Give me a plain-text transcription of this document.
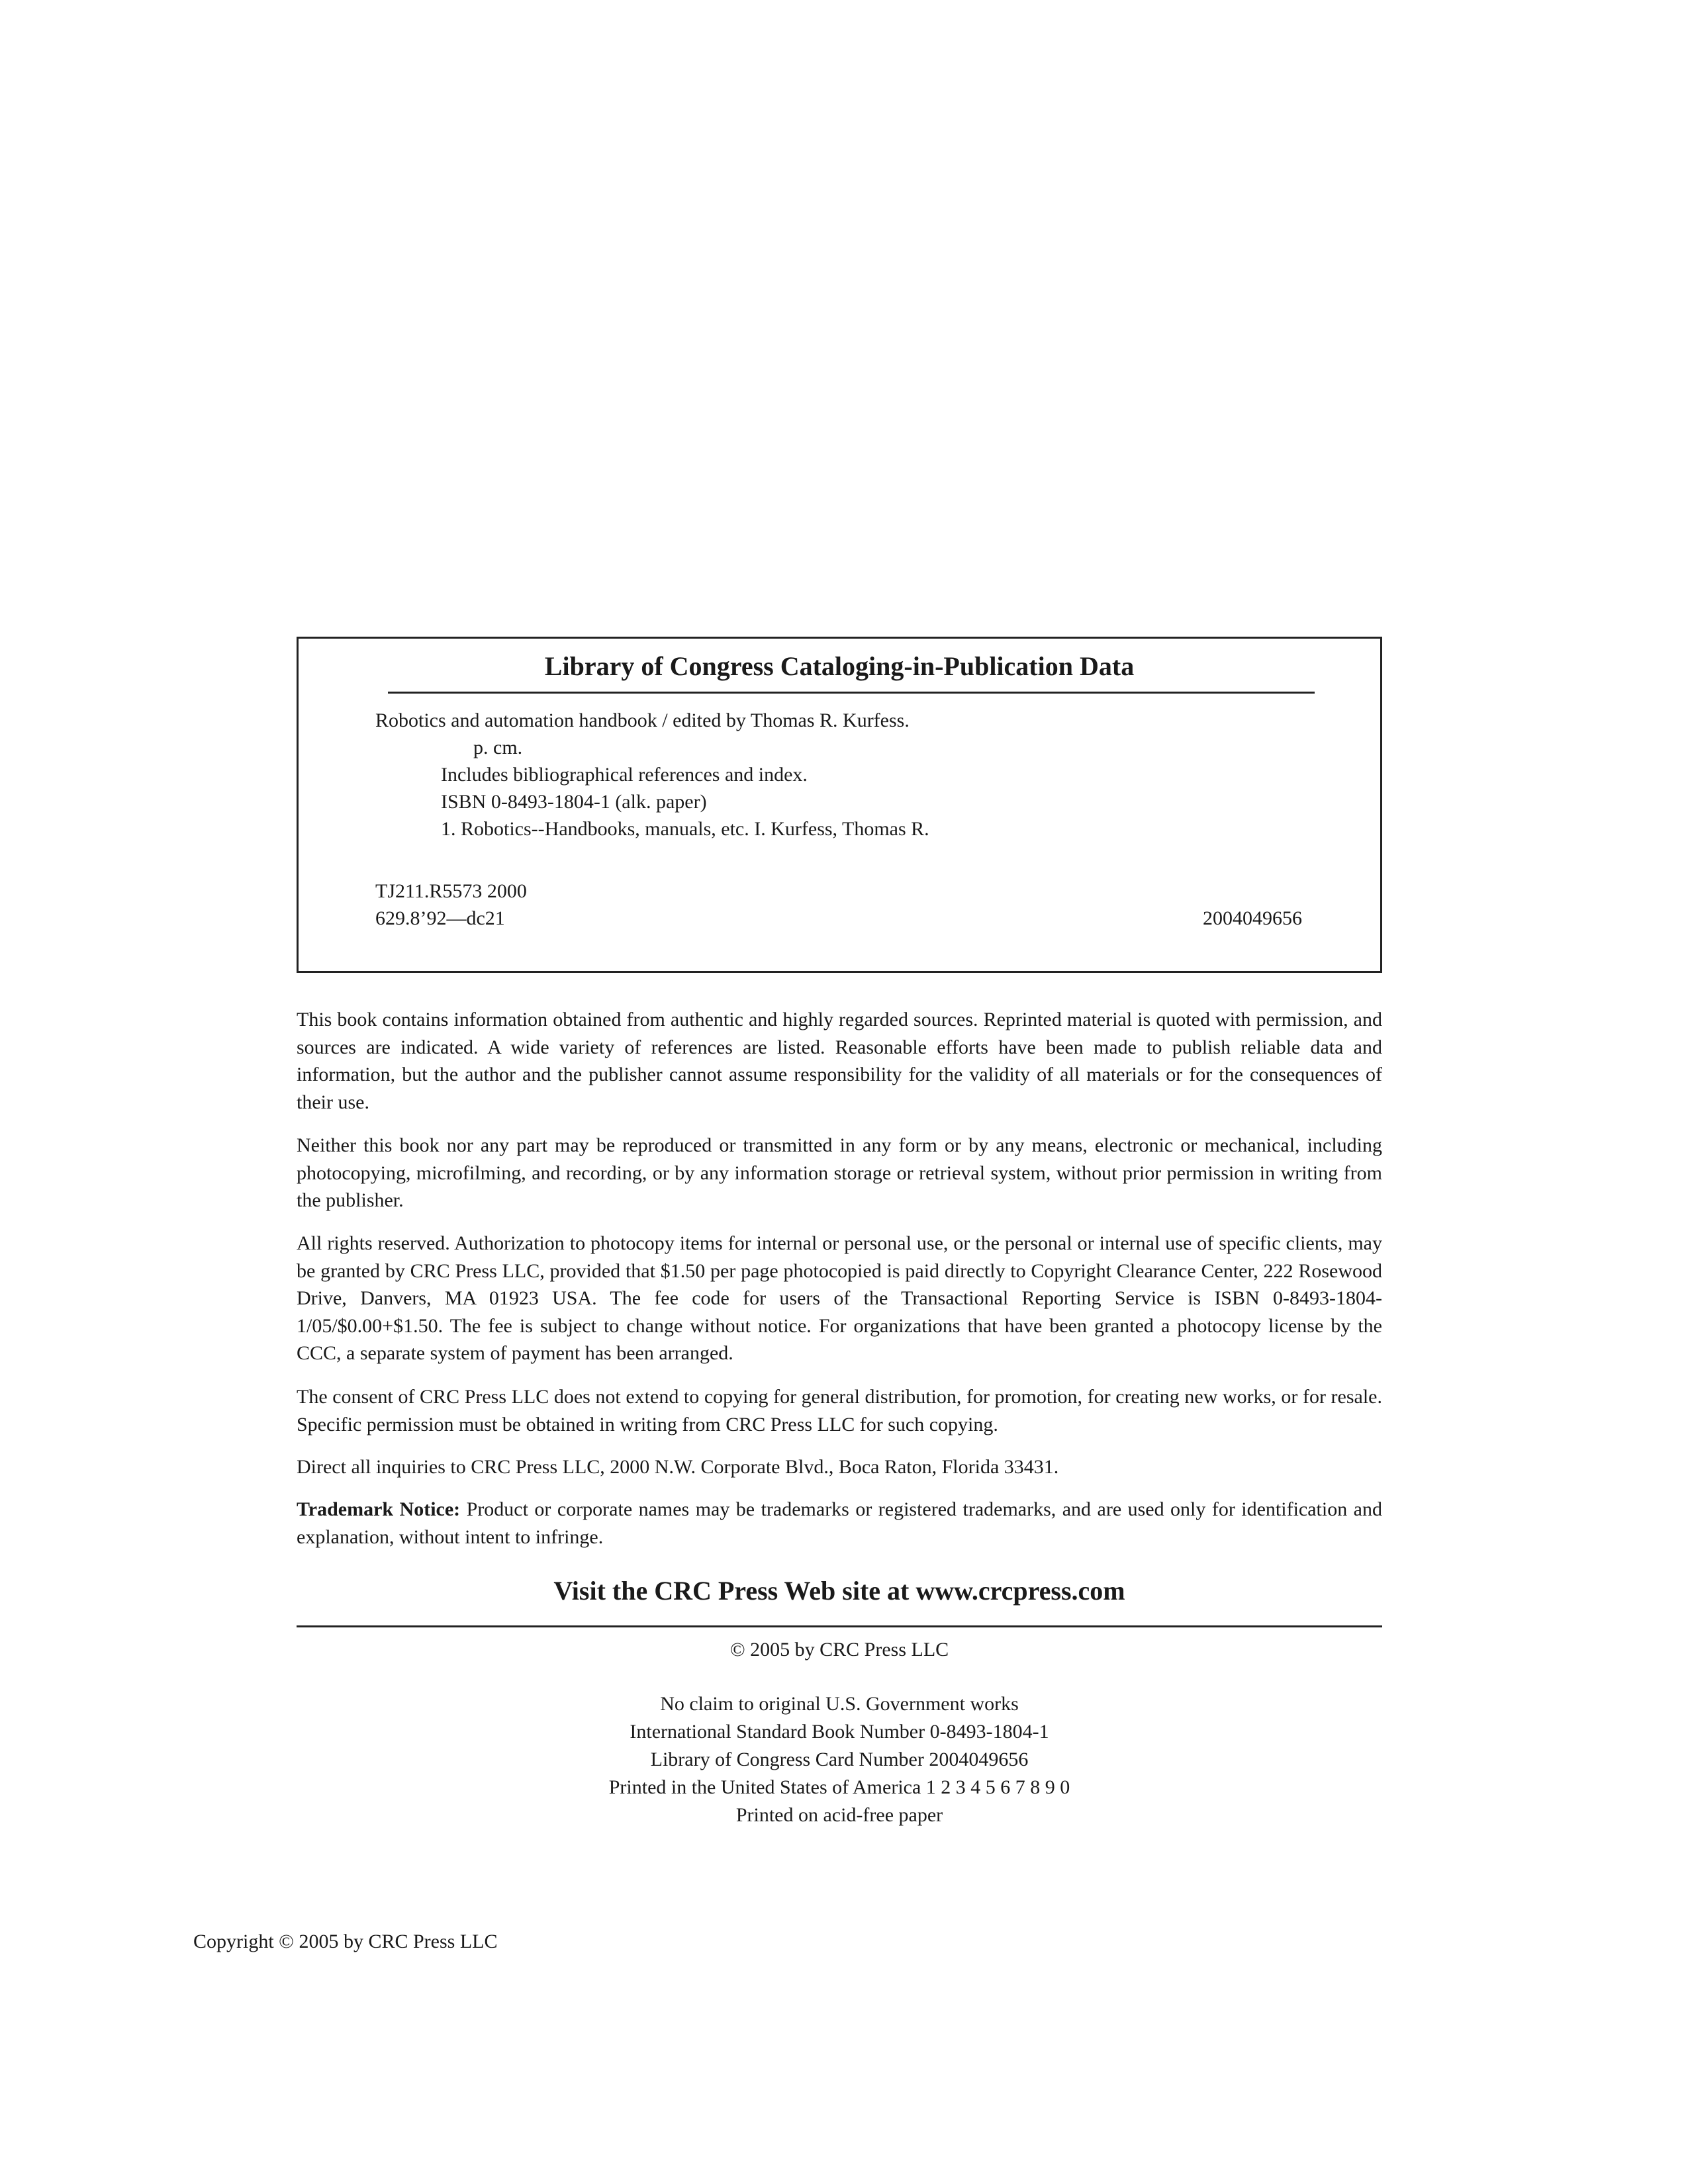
Library of Congress Cataloging-in-Publication Data
Robotics and automation handbook / edited by Thomas R. Kurfess.
p. cm.
Includes bibliographical references and index.
ISBN 0-8493-1804-1 (alk. paper)
1. Robotics--Handbooks, manuals, etc. I. Kurfess, Thomas R.
TJ211.R5573 2000
629.8’92—dc21	2004049656

This book contains information obtained from authentic and highly regarded sources. Reprinted material is quoted with permission, and sources are indicated. A wide variety of references are listed. Reasonable efforts have been made to publish reliable data and information, but the author and the publisher cannot assume responsibility for the validity of all materials or for the consequences of their use.

Neither this book nor any part may be reproduced or transmitted in any form or by any means, electronic or mechanical, including photocopying, microfilming, and recording, or by any information storage or retrieval system, without prior permission in writing from the publisher.

All rights reserved. Authorization to photocopy items for internal or personal use, or the personal or internal use of specific clients, may be granted by CRC Press LLC, provided that $1.50 per page photocopied is paid directly to Copyright Clearance Center, 222 Rosewood Drive, Danvers, MA 01923 USA. The fee code for users of the Transactional Reporting Service is ISBN 0-8493-1804-1/05/$0.00+$1.50. The fee is subject to change without notice. For organizations that have been granted a photocopy license by the CCC, a separate system of payment has been arranged.

The consent of CRC Press LLC does not extend to copying for general distribution, for promotion, for creating new works, or for resale. Specific permission must be obtained in writing from CRC Press LLC for such copying.

Direct all inquiries to CRC Press LLC, 2000 N.W. Corporate Blvd., Boca Raton, Florida 33431.

Trademark Notice: Product or corporate names may be trademarks or registered trademarks, and are used only for identification and explanation, without intent to infringe.

Visit the CRC Press Web site at www.crcpress.com
© 2005 by CRC Press LLC
No claim to original U.S. Government works
International Standard Book Number 0-8493-1804-1
Library of Congress Card Number 2004049656
Printed in the United States of America 1 2 3 4 5 6 7 8 9 0
Printed on acid-free paper
Copyright © 2005 by CRC Press LLC
